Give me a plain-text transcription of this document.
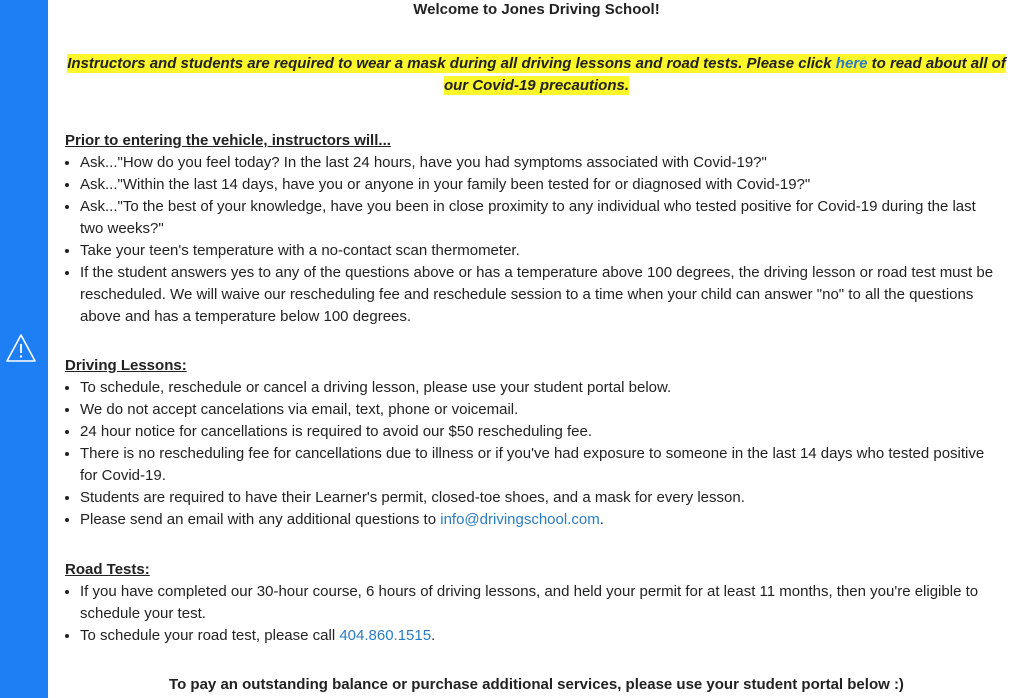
Welcome to Jones Driving School!
Instructors and students are required to wear a mask during all driving lessons and road tests. Please click here to read about all of our Covid-19 precautions.
Prior to entering the vehicle, instructors will...
• Ask..."How do you feel today? In the last 24 hours, have you had symptoms associated with Covid-19?"
• Ask..."Within the last 14 days, have you or anyone in your family been tested for or diagnosed with Covid-19?"
• Ask..."To the best of your knowledge, have you been in close proximity to any individual who tested positive for Covid-19 during the last two weeks?"
• Take your teen's temperature with a no-contact scan thermometer.
• If the student answers yes to any of the questions above or has a temperature above 100 degrees, the driving lesson or road test must be rescheduled. We will waive our rescheduling fee and reschedule session to a time when your child can answer "no" to all the questions above and has a temperature below 100 degrees.
Driving Lessons:
• To schedule, reschedule or cancel a driving lesson, please use your student portal below.
• We do not accept cancelations via email, text, phone or voicemail.
• 24 hour notice for cancellations is required to avoid our $50 rescheduling fee.
• There is no rescheduling fee for cancellations due to illness or if you've had exposure to someone in the last 14 days who tested positive for Covid-19.
• Students are required to have their Learner's permit, closed-toe shoes, and a mask for every lesson.
• Please send an email with any additional questions to info@drivingschool.com.
Road Tests:
• If you have completed our 30-hour course, 6 hours of driving lessons, and held your permit for at least 11 months, then you're eligible to schedule your test.
• To schedule your road test, please call 404.860.1515.
To pay an outstanding balance or purchase additional services, please use your student portal below :)
